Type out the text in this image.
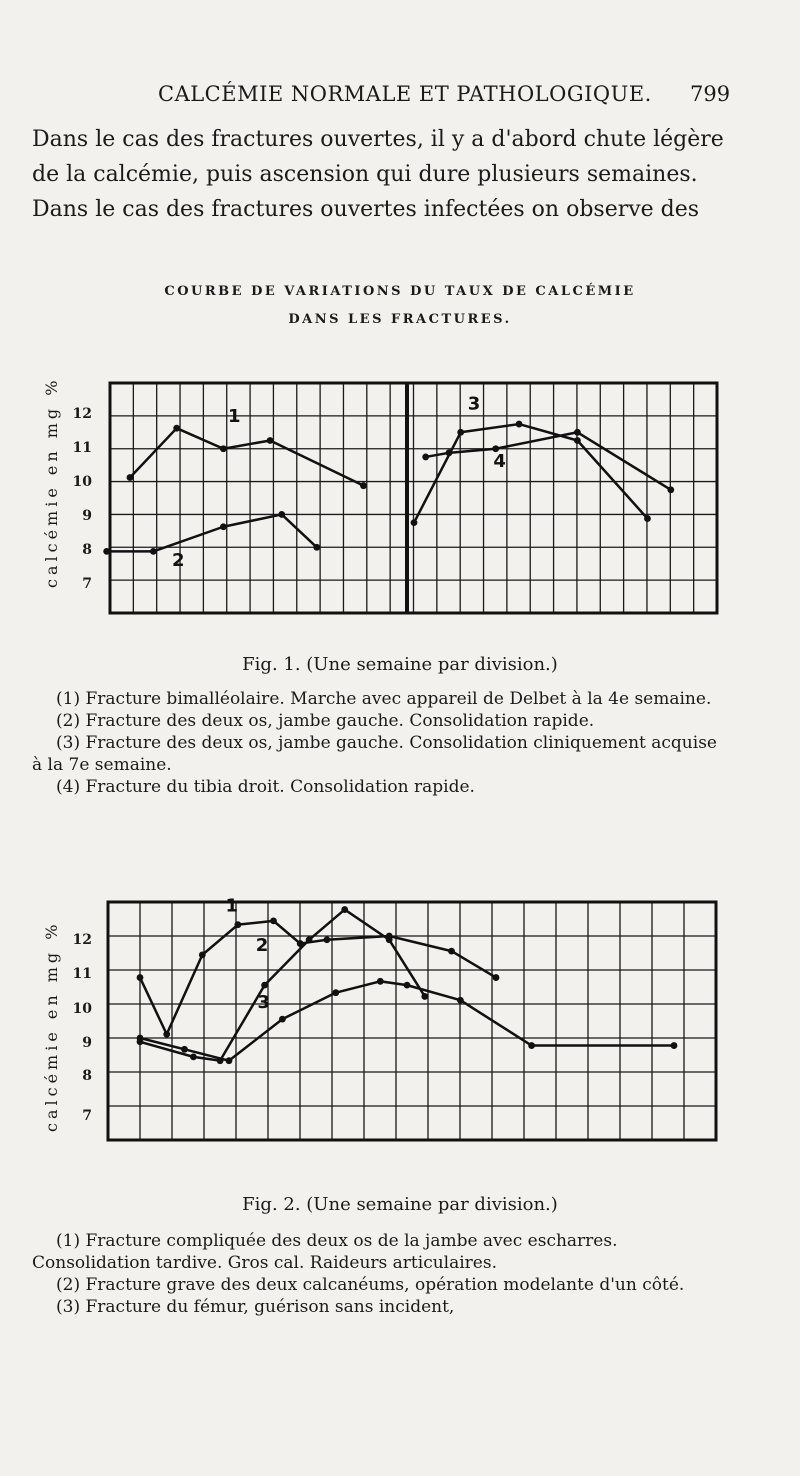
CALCÉMIE NORMALE ET PATHOLOGIQUE. 799
Dans le cas des fractures ouvertes, il y a d'abord chute légère
de la calcémie, puis ascension qui dure plusieurs semaines.
Dans le cas des fractures ouvertes infectées on observe des
COURBE DE VARIATIONS DU TAUX DE CALCÉMIE
DANS LES FRACTURES.
calcémie en mg % 12
11
10
9
8
7
1
2
3
4
Fig. 1. (Une semaine par division.)

(1) Fracture bimalléolaire. Marche avec appareil de Delbet à la 4e semaine.

(2) Fracture des deux os, jambe gauche. Consolidation rapide.

(3) Fracture des deux os, jambe gauche. Consolidation cliniquement acquise à la 7e semaine.

(4) Fracture du tibia droit. Consolidation rapide.

calcémie en mg % 12
11
10
9
8
7
1
2
3
Fig. 2. (Une semaine par division.)

(1) Fracture compliquée des deux os de la jambe avec escharres. Consolidation tardive. Gros cal. Raideurs articulaires.

(2) Fracture grave des deux calcanéums, opération modelante d'un côté.

(3) Fracture du fémur, guérison sans incident,
